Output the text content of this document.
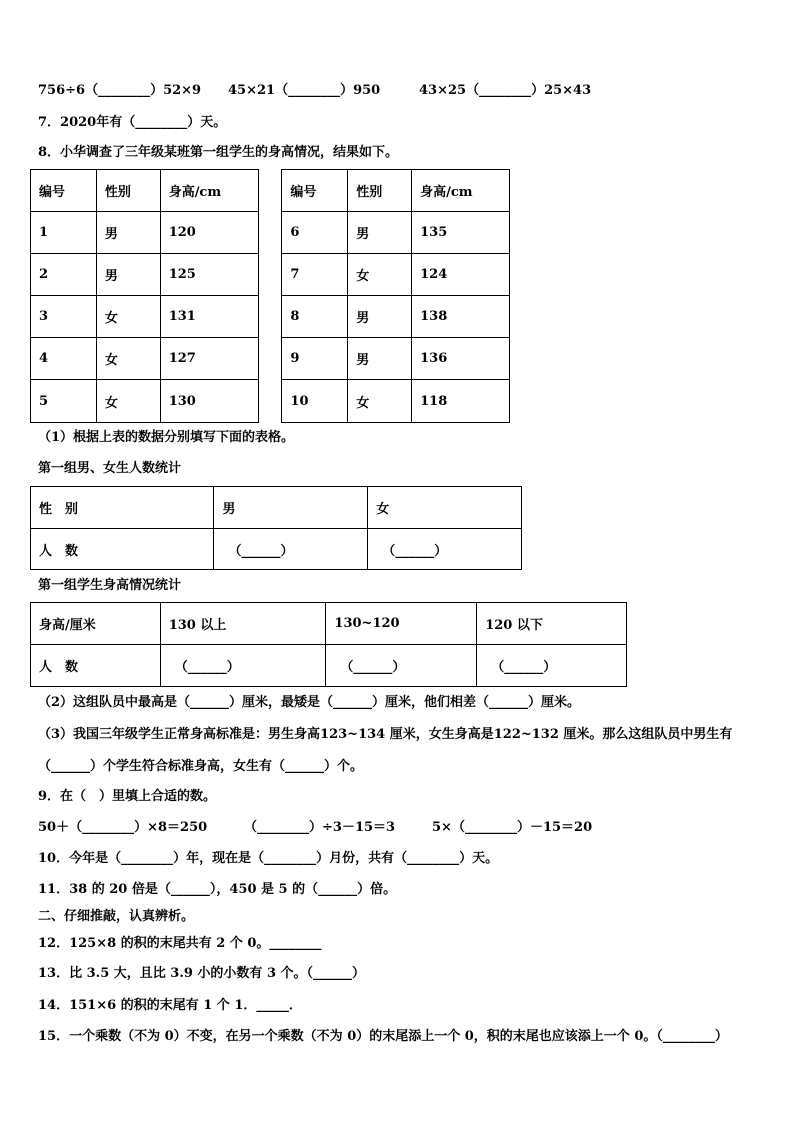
756÷6（________）52×9 45×21（________）950	43×25（________）25×43
7．2020年有（________）天。
8．小华调查了三年级某班第一组学生的身高情况，结果如下。
编号	性别	身高/cm		编号	性别	身高/cm
1	男	120		6	男	135
2	男	125		7	女	124
3	女	131		8	男	138
4	女	127		9	男	136
5	女	130		10	女	118
（1）根据上表的数据分别填写下面的表格。
第一组男、女生人数统计
性　别	男	女
人　数	（______）	（______）
第一组学生身高情况统计
身高/厘米	130 以上	130~120	120 以下
人　数	（______）	（______）	（______）
（2）这组队员中最高是（______）厘米，最矮是（______）厘米，他们相差（______）厘米。
（3）我国三年级学生正常身高标准是：男生身高123~134 厘米，女生身高是122~132 厘米。那么这组队员中男生有
（______）个学生符合标准身高，女生有（______）个。
9．在（　）里填上合适的数。
50＋（________）×8＝250	（________）÷3－15＝3	5×（________）－15＝20
10．今年是（________）年，现在是（________）月份，共有（________）天。
11．38 的 20 倍是（______），450 是 5 的（______）倍。
二、仔细推敲，认真辨析。
12．125×8 的积的末尾共有 2 个 0。________
13．比 3.5 大，且比 3.9 小的小数有 3 个。（______）
14．151×6 的积的末尾有 1 个 1．_____．
15．一个乘数（不为 0）不变，在另一个乘数（不为 0）的末尾添上一个 0，积的末尾也应该添上一个 0。（________）
